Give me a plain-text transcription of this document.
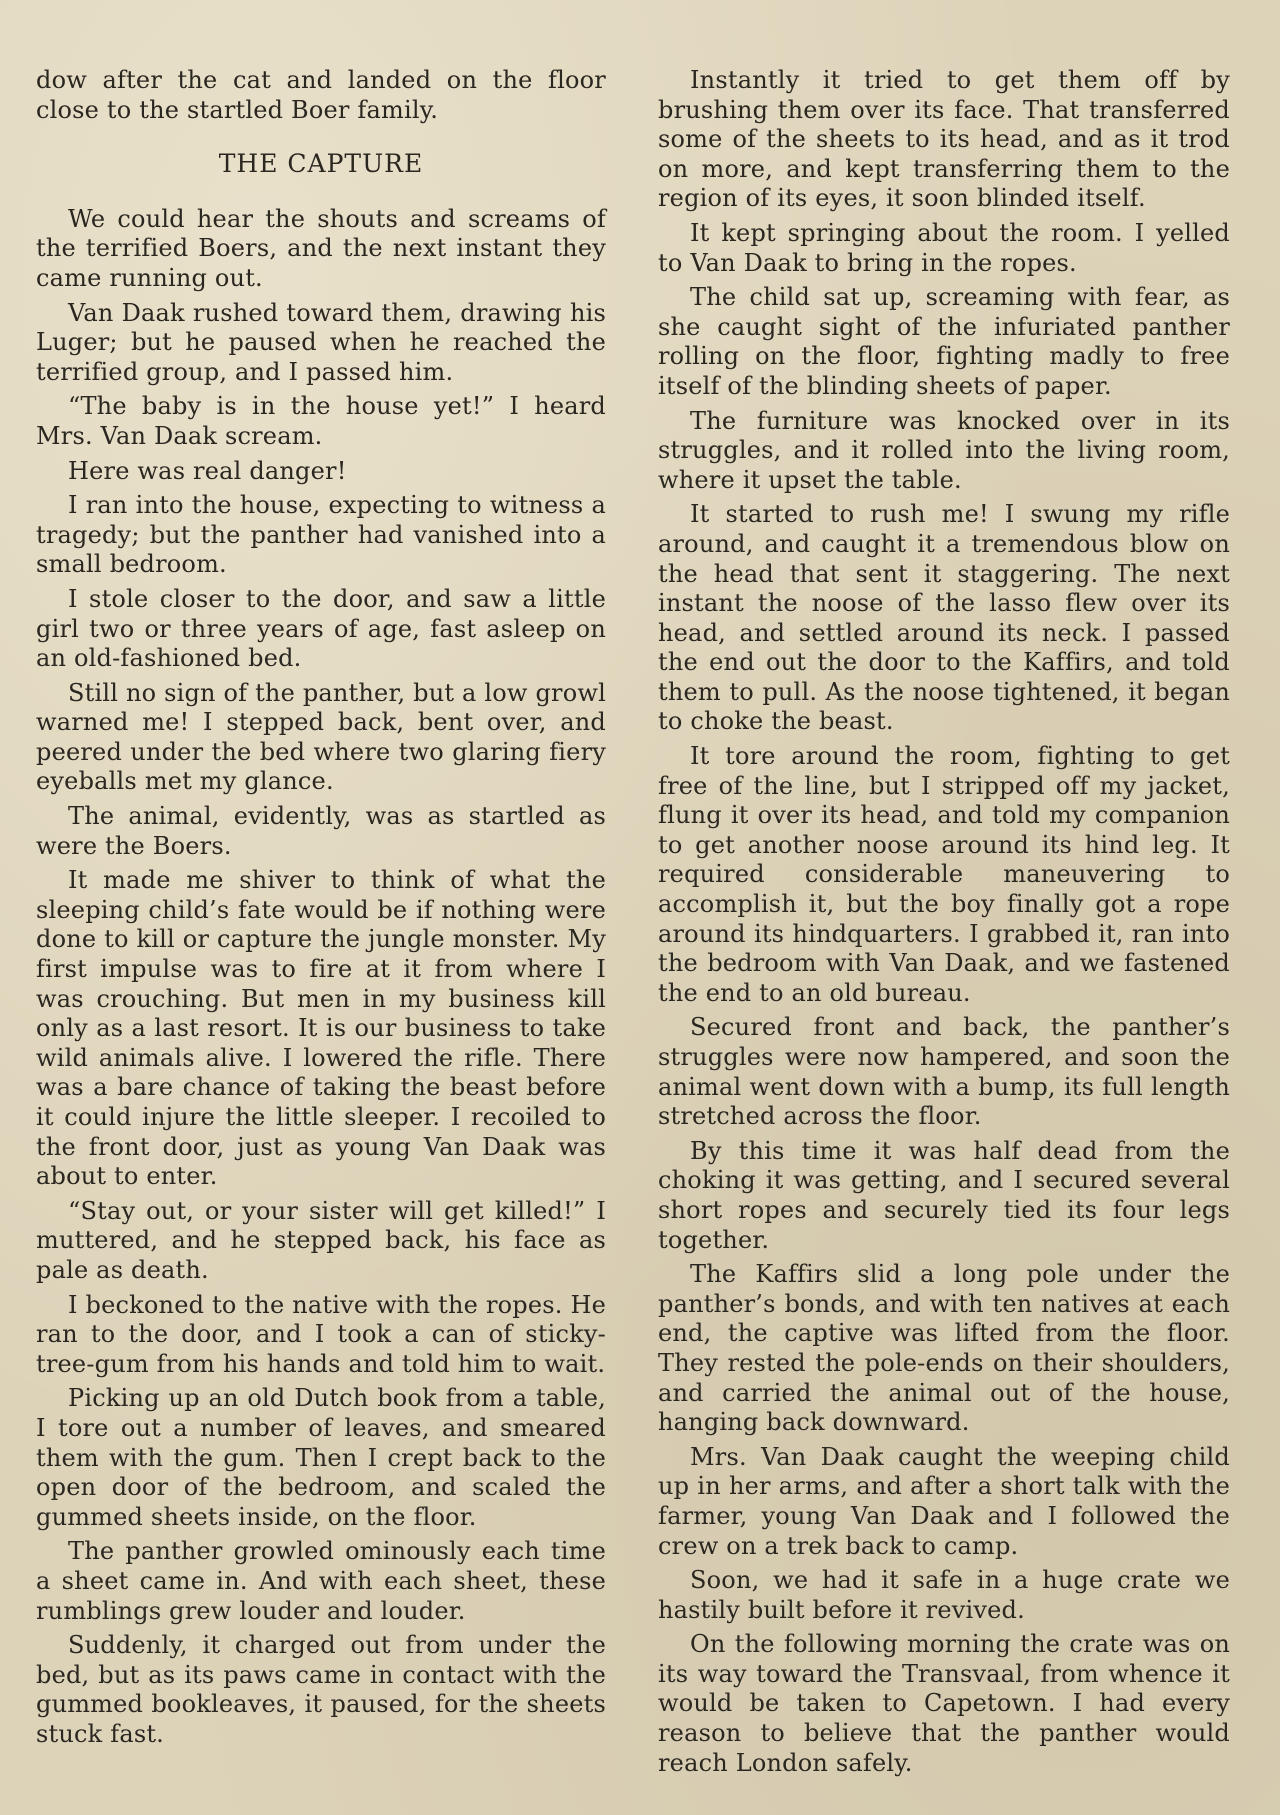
dow after the cat and landed on the floor close to the startled Boer family.

THE CAPTURE

We could hear the shouts and screams of the terrified Boers, and the next instant they came running out.

Van Daak rushed toward them, drawing his Luger; but he paused when he reached the terrified group, and I passed him.

“The baby is in the house yet!” I heard Mrs. Van Daak scream.

Here was real danger!

I ran into the house, expecting to witness a tragedy; but the panther had vanished into a small bedroom.

I stole closer to the door, and saw a little girl two or three years of age, fast asleep on an old-fashioned bed.

Still no sign of the panther, but a low growl warned me! I stepped back, bent over, and peered under the bed where two glaring fiery eyeballs met my glance.

The animal, evidently, was as startled as were the Boers.

It made me shiver to think of what the sleeping child’s fate would be if nothing were done to kill or capture the jungle monster. My first impulse was to fire at it from where I was crouching. But men in my business kill only as a last resort. It is our business to take wild animals alive. I lowered the rifle. There was a bare chance of taking the beast before it could injure the little sleeper. I recoiled to the front door, just as young Van Daak was about to enter.

“Stay out, or your sister will get killed!” I muttered, and he stepped back, his face as pale as death.

I beckoned to the native with the ropes. He ran to the door, and I took a can of sticky-tree-gum from his hands and told him to wait.

Picking up an old Dutch book from a table, I tore out a number of leaves, and smeared them with the gum. Then I crept back to the open door of the bedroom, and scaled the gummed sheets inside, on the floor.

The panther growled ominously each time a sheet came in. And with each sheet, these rumblings grew louder and louder.

Suddenly, it charged out from under the bed, but as its paws came in contact with the gummed bookleaves, it paused, for the sheets stuck fast.

Instantly it tried to get them off by brushing them over its face. That transferred some of the sheets to its head, and as it trod on more, and kept transferring them to the region of its eyes, it soon blinded itself.

It kept springing about the room. I yelled to Van Daak to bring in the ropes.

The child sat up, screaming with fear, as she caught sight of the infuriated panther rolling on the floor, fighting madly to free itself of the blinding sheets of paper.

The furniture was knocked over in its struggles, and it rolled into the living room, where it upset the table.

It started to rush me! I swung my rifle around, and caught it a tremendous blow on the head that sent it staggering. The next instant the noose of the lasso flew over its head, and settled around its neck. I passed the end out the door to the Kaffirs, and told them to pull. As the noose tightened, it began to choke the beast.

It tore around the room, fighting to get free of the line, but I stripped off my jacket, flung it over its head, and told my companion to get another noose around its hind leg. It required considerable maneuvering to accomplish it, but the boy finally got a rope around its hindquarters. I grabbed it, ran into the bedroom with Van Daak, and we fastened the end to an old bureau.

Secured front and back, the panther’s struggles were now hampered, and soon the animal went down with a bump, its full length stretched across the floor.

By this time it was half dead from the choking it was getting, and I secured several short ropes and securely tied its four legs together.

The Kaffirs slid a long pole under the panther’s bonds, and with ten natives at each end, the captive was lifted from the floor. They rested the pole-ends on their shoulders, and carried the animal out of the house, hanging back downward.

Mrs. Van Daak caught the weeping child up in her arms, and after a short talk with the farmer, young Van Daak and I followed the crew on a trek back to camp.

Soon, we had it safe in a huge crate we hastily built before it revived.

On the following morning the crate was on its way toward the Transvaal, from whence it would be taken to Capetown. I had every reason to believe that the panther would reach London safely.
